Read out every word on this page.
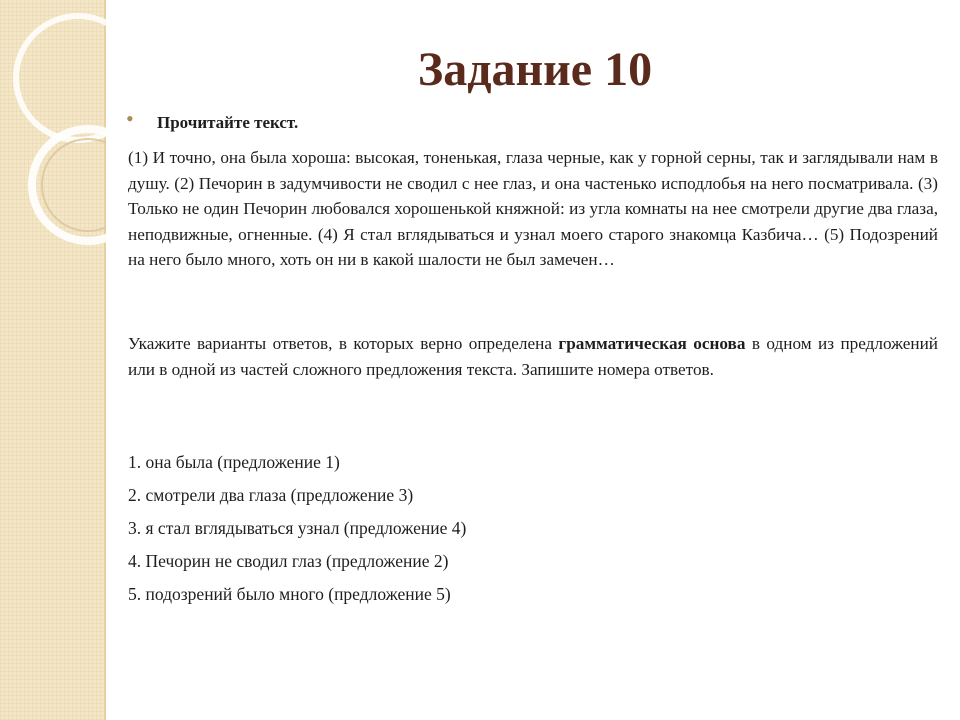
Задание 10
• Прочитайте текст.

(1) И точно, она была хороша: высокая, тоненькая, глаза черные, как у горной серны, так и заглядывали нам в душу. (2) Печорин в задумчивости не сводил с нее глаз, и она частенько исподлобья на него посматривала. (3) Только не один Печорин любовался хорошенькой княжной: из угла комнаты на нее смотрели другие два глаза, неподвижные, огненные. (4) Я стал вглядываться и узнал моего старого знакомца Казбича… (5) Подозрений на него было много, хоть он ни в какой шалости не был замечен…

Укажите варианты ответов, в которых верно определена грамматическая основа в одном из предложений или в одной из частей сложного предложения текста. Запишите номера ответов.

1. она была (предложение 1)
2. смотрели два глаза (предложение 3)
3. я стал вглядываться узнал (предложение 4)
4. Печорин не сводил глаз (предложение 2)
5. подозрений было много (предложение 5)
